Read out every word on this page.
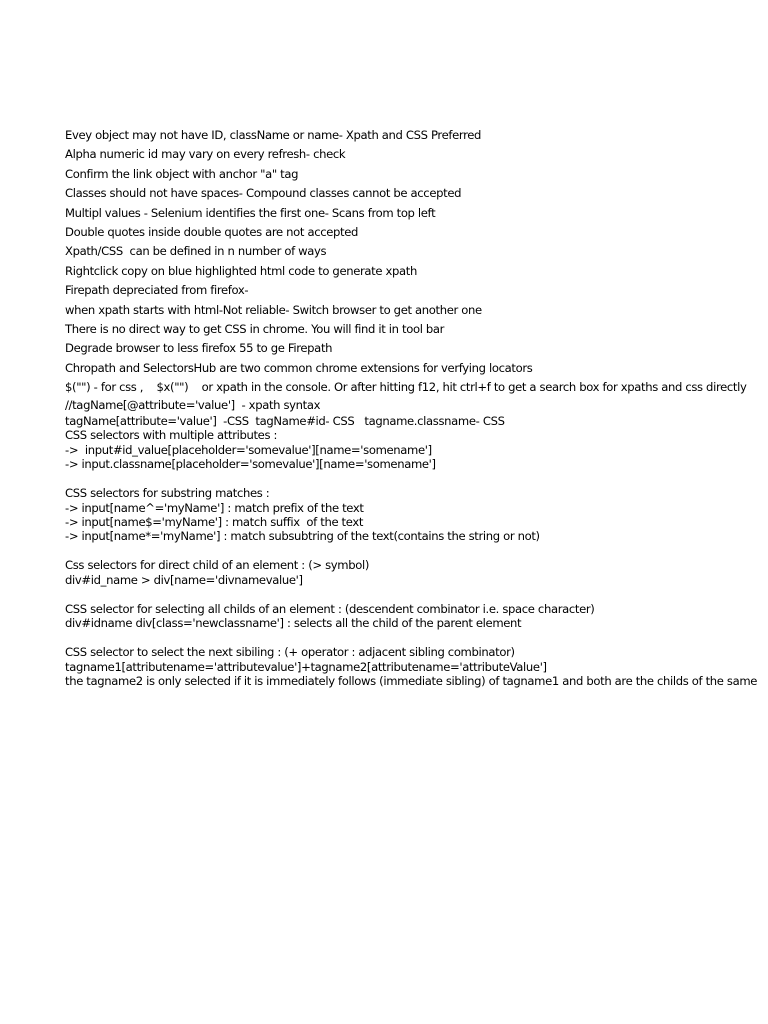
Evey object may not have ID, className or name- Xpath and CSS Preferred
Alpha numeric id may vary on every refresh- check
Confirm the link object with anchor "a" tag
Classes should not have spaces- Compound classes cannot be accepted
Multipl values - Selenium identifies the first one- Scans from top left
Double quotes inside double quotes are not accepted
Xpath/CSS  can be defined in n number of ways
Rightclick copy on blue highlighted html code to generate xpath
Firepath depreciated from firefox-
when xpath starts with html-Not reliable- Switch browser to get another one
There is no direct way to get CSS in chrome. You will find it in tool bar
Degrade browser to less firefox 55 to ge Firepath
Chropath and SelectorsHub are two common chrome extensions for verfying locators
$("") - for css ,    $x("")    or xpath in the console. Or after hitting f12, hit ctrl+f to get a search box for xpaths and css directly
//tagName[@attribute='value']  - xpath syntax
tagName[attribute='value']  -CSS  tagName#id- CSS   tagname.classname- CSS
CSS selectors with multiple attributes :
->  input#id_value[placeholder='somevalue'][name='somename']
-> input.classname[placeholder='somevalue'][name='somename']
CSS selectors for substring matches :
-> input[name^='myName'] : match prefix of the text
-> input[name$='myName'] : match suffix  of the text
-> input[name*='myName'] : match subsubtring of the text(contains the string or not)
Css selectors for direct child of an element : (> symbol)
div#id_name > div[name='divnamevalue']
CSS selector for selecting all childs of an element : (descendent combinator i.e. space character)
div#idname div[class='newclassname'] : selects all the child of the parent element
CSS selector to select the next sibiling : (+ operator : adjacent sibling combinator)
tagname1[attributename='attributevalue']+tagname2[attributename='attributeValue']
the tagname2 is only selected if it is immediately follows (immediate sibling) of tagname1 and both are the childs of the same
